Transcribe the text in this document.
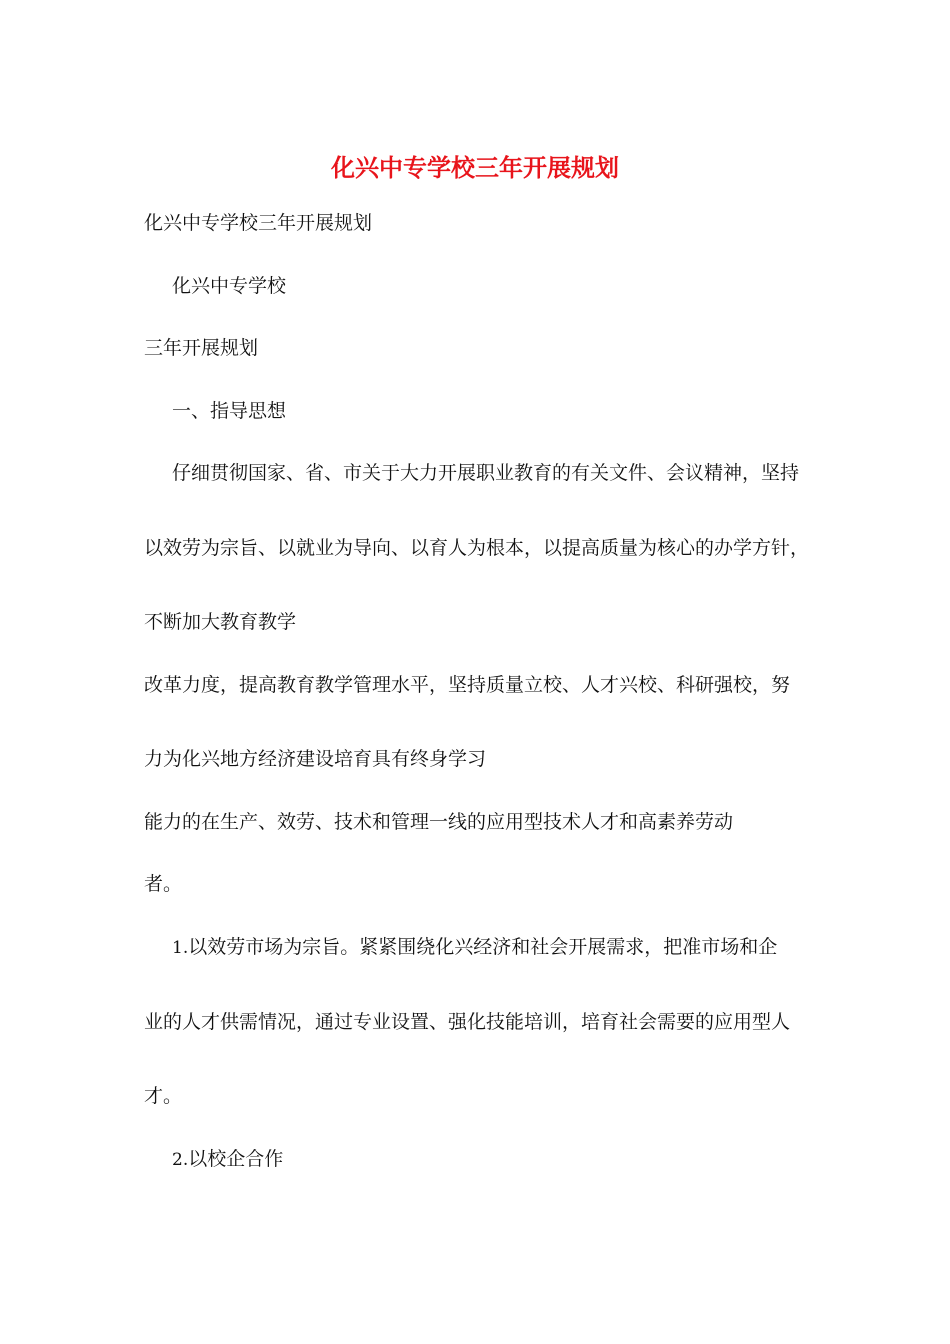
化兴中专学校三年开展规划

化兴中专学校三年开展规划

化兴中专学校

三年开展规划

一、指导思想

仔细贯彻国家、省、市关于大力开展职业教育的有关文件、会议精神，坚持

以效劳为宗旨、以就业为导向、以育人为根本，以提高质量为核心的办学方针，

不断加大教育教学

改革力度，提高教育教学管理水平，坚持质量立校、人才兴校、科研强校，努

力为化兴地方经济建设培育具有终身学习

能力的在生产、效劳、技术和管理一线的应用型技术人才和高素养劳动

者。

1.以效劳市场为宗旨。紧紧围绕化兴经济和社会开展需求，把准市场和企

业的人才供需情况，通过专业设置、强化技能培训，培育社会需要的应用型人

才。

2.以校企合作
